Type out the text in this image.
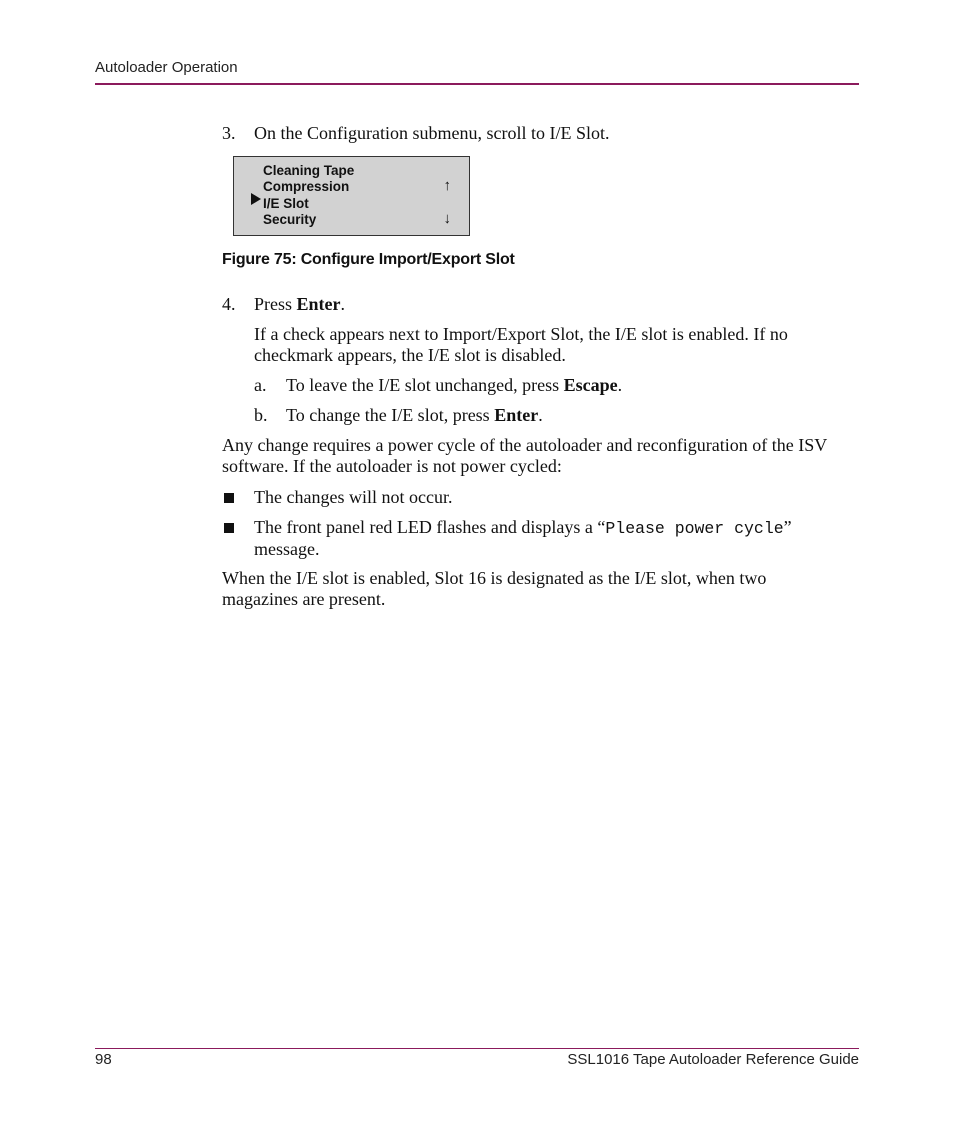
Autoloader Operation
3. On the Configuration submenu, scroll to I/E Slot.
Cleaning Tape
Compression
I/E Slot
Security
↑
↓
Figure 75: Configure Import/Export Slot
4. Press Enter.
If a check appears next to Import/Export Slot, the I/E slot is enabled. If no checkmark appears, the I/E slot is disabled.
a. To leave the I/E slot unchanged, press Escape.
b. To change the I/E slot, press Enter.
Any change requires a power cycle of the autoloader and reconfiguration of the ISV software. If the autoloader is not power cycled:
The changes will not occur.
The front panel red LED flashes and displays a “Please power cycle” message.
When the I/E slot is enabled, Slot 16 is designated as the I/E slot, when two magazines are present.
98	SSL1016 Tape Autoloader Reference Guide
